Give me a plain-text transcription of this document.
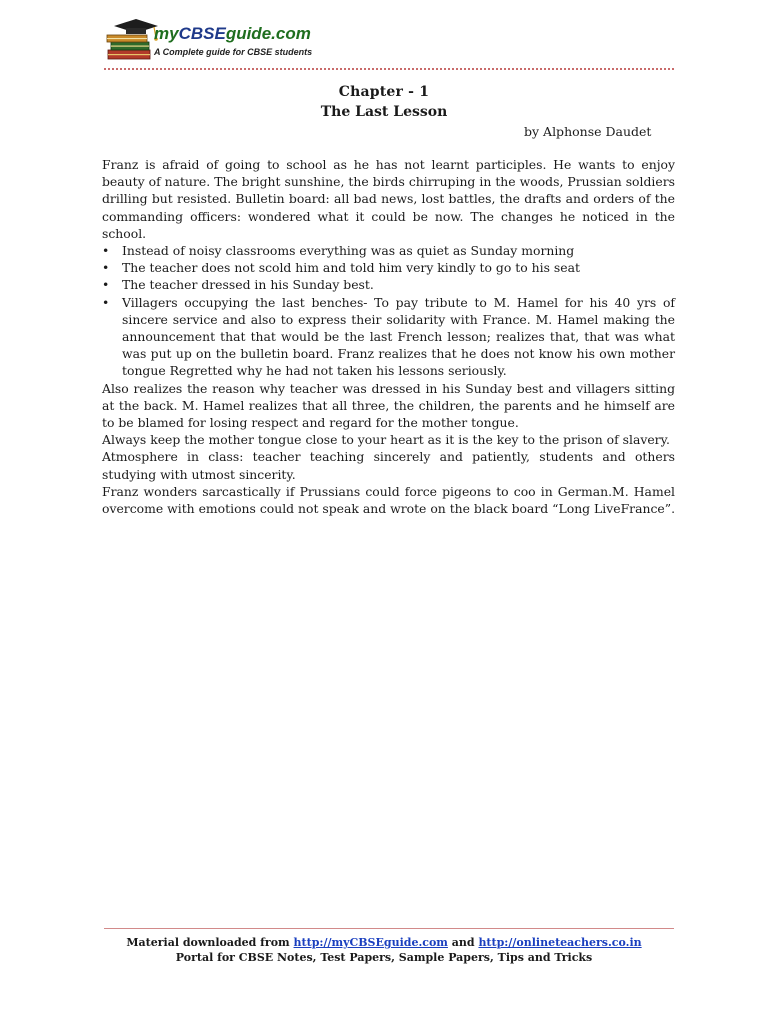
myCBSEguide.com
A Complete guide for CBSE students
Chapter - 1
The Last Lesson
by Alphonse Daudet

Franz is afraid of going to school as he has not learnt participles. He wants to enjoy beauty of nature. The bright sunshine, the birds chirruping in the woods, Prussian soldiers drilling but resisted. Bulletin board: all bad news, lost battles, the drafts and orders of the commanding officers: wondered what it could be now. The changes he noticed in the school.

• Instead of noisy classrooms everything was as quiet as Sunday morning
• The teacher does not scold him and told him very kindly to go to his seat
• The teacher dressed in his Sunday best.
• Villagers occupying the last benches- To pay tribute to M. Hamel for his 40 yrs of sincere service and also to express their solidarity with France. M. Hamel making the announcement that that would be the last French lesson; realizes that, that was what was put up on the bulletin board. Franz realizes that he does not know his own mother tongue Regretted why he had not taken his lessons seriously.

Also realizes the reason why teacher was dressed in his Sunday best and villagers sitting at the back. M. Hamel realizes that all three, the children, the parents and he himself are to be blamed for losing respect and regard for the mother tongue.

Always keep the mother tongue close to your heart as it is the key to the prison of slavery.

Atmosphere in class: teacher teaching sincerely and patiently, students and others studying with utmost sincerity.

Franz wonders sarcastically if Prussians could force pigeons to coo in German.M. Hamel overcome with emotions could not speak and wrote on the black board “Long LiveFrance”.

Material downloaded from http://myCBSEguide.com and http://onlineteachers.co.in
Portal for CBSE Notes, Test Papers, Sample Papers, Tips and Tricks
